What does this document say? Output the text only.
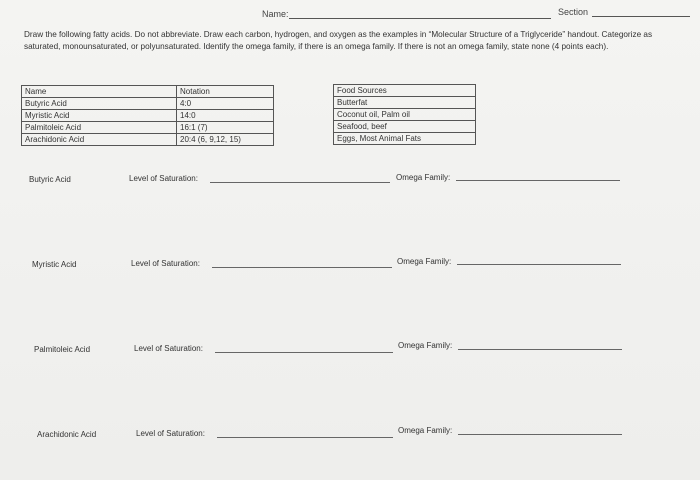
Name:	Section
Draw the following fatty acids. Do not abbreviate. Draw each carbon, hydrogen, and oxygen as the examples in “Molecular Structure of a Triglyceride” handout. Categorize as saturated, monounsaturated, or polyunsaturated. Identify the omega family, if there is an omega family. If there is not an omega family, state none (4 points each).
Name	Notation
Butyric Acid	4:0
Myristic Acid	14:0
Palmitoleic Acid	16:1 (7)
Arachidonic Acid	20:4 (6, 9,12, 15)
Food Sources
Butterfat
Coconut oil, Palm oil
Seafood, beef
Eggs, Most Animal Fats
Butyric Acid	Level of Saturation:	Omega Family:
Myristic Acid	Level of Saturation:	Omega Family:
Palmitoleic Acid	Level of Saturation:	Omega Family:
Arachidonic Acid	Level of Saturation:	Omega Family:
